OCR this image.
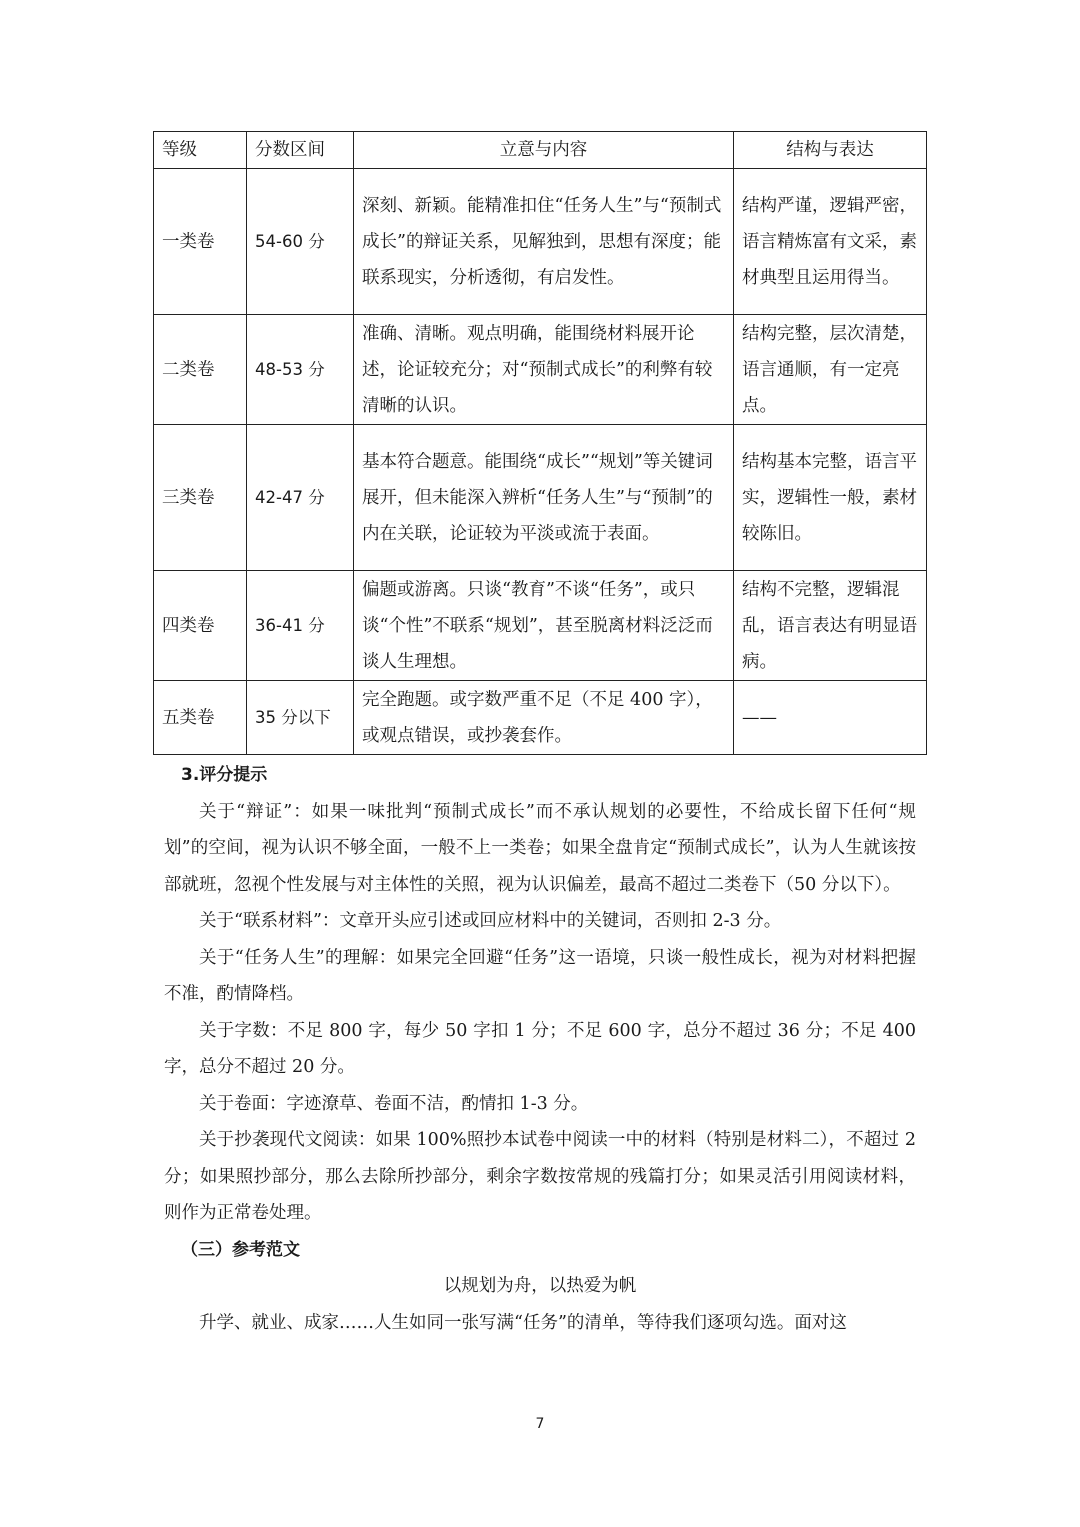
等级	分数区间	立意与内容	结构与表达
一类卷	54-60 分	深刻、新颖。能精准扣住“任务人生”与“预制式成长”的辩证关系，见解独到，思想有深度；能联系现实，分析透彻，有启发性。	结构严谨，逻辑严密，语言精炼富有文采，素材典型且运用得当。
二类卷	48-53 分	准确、清晰。观点明确，能围绕材料展开论述，论证较充分；对“预制式成长”的利弊有较清晰的认识。	结构完整，层次清楚，语言通顺，有一定亮点。
三类卷	42-47 分	基本符合题意。能围绕“成长”“规划”等关键词展开，但未能深入辨析“任务人生”与“预制”的内在关联，论证较为平淡或流于表面。	结构基本完整，语言平实，逻辑性一般，素材较陈旧。
四类卷	36-41 分	偏题或游离。只谈“教育”不谈“任务”，或只谈“个性”不联系“规划”，甚至脱离材料泛泛而谈人生理想。	结构不完整，逻辑混乱，语言表达有明显语病。
五类卷	35 分以下	完全跑题。或字数严重不足（不足 400 字），或观点错误，或抄袭套作。	——

3.评分提示

关于“辩证”：如果一味批判“预制式成长”而不承认规划的必要性，不给成长留下任何“规划”的空间，视为认识不够全面，一般不上一类卷；如果全盘肯定“预制式成长”，认为人生就该按部就班，忽视个性发展与对主体性的关照，视为认识偏差，最高不超过二类卷下（50 分以下）。

关于“联系材料”：文章开头应引述或回应材料中的关键词，否则扣 2-3 分。

关于“任务人生”的理解：如果完全回避“任务”这一语境，只谈一般性成长，视为对材料把握不准，酌情降档。

关于字数：不足 800 字，每少 50 字扣 1 分；不足 600 字，总分不超过 36 分；不足 400 字，总分不超过 20 分。

关于卷面：字迹潦草、卷面不洁，酌情扣 1-3 分。

关于抄袭现代文阅读：如果 100%照抄本试卷中阅读一中的材料（特别是材料二），不超过 2 分；如果照抄部分，那么去除所抄部分，剩余字数按常规的残篇打分；如果灵活引用阅读材料，则作为正常卷处理。

（三）参考范文

以规划为舟，以热爱为帆

升学、就业、成家……人生如同一张写满“任务”的清单，等待我们逐项勾选。面对这

7
